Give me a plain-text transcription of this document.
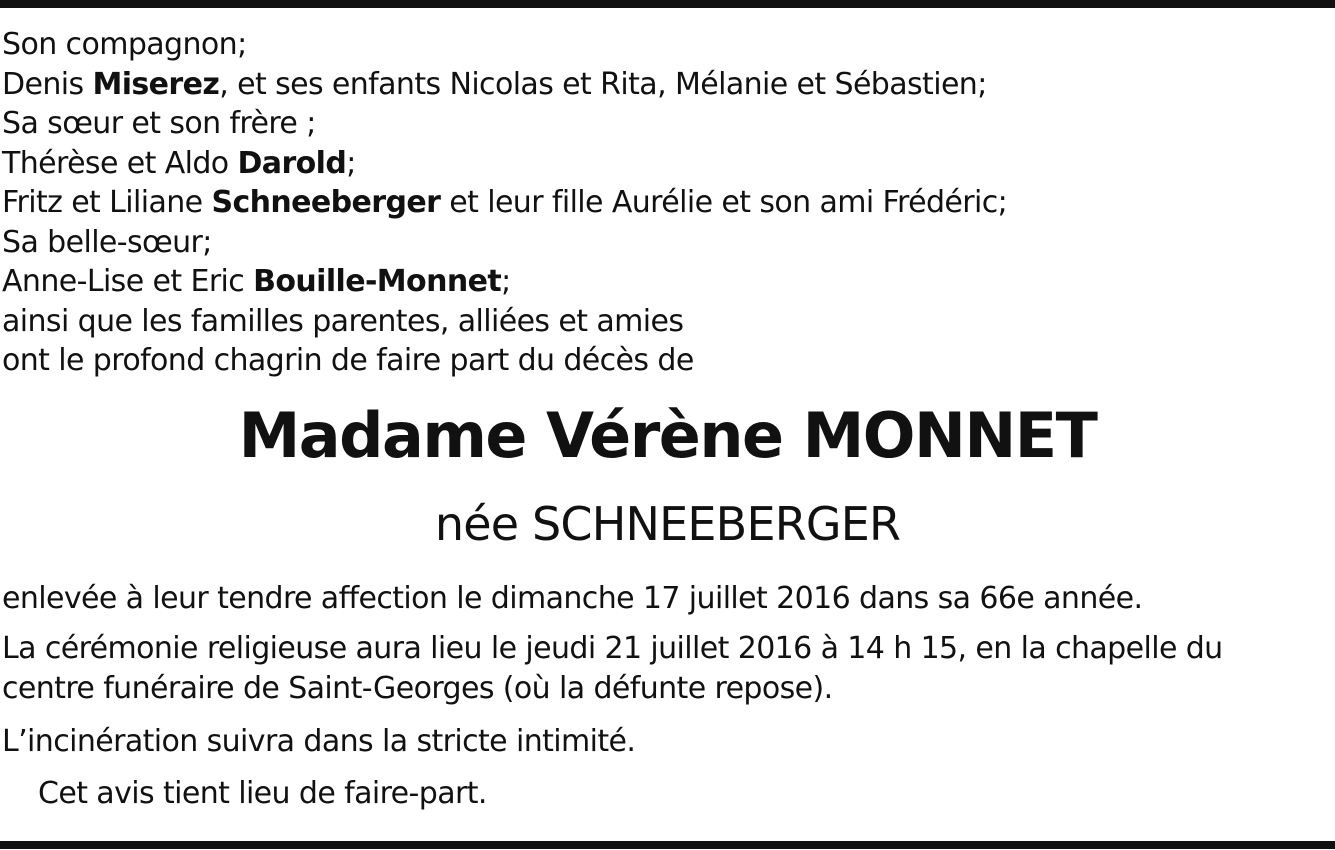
Son compagnon;
Denis Miserez, et ses enfants Nicolas et Rita, Mélanie et Sébastien;
Sa sœur et son frère ;
Thérèse et Aldo Darold;
Fritz et Liliane Schneeberger et leur fille Aurélie et son ami Frédéric;
Sa belle-sœur;
Anne-Lise et Eric Bouille-Monnet;
ainsi que les familles parentes, alliées et amies
ont le profond chagrin de faire part du décès de
Madame Vérène MONNET
née SCHNEEBERGER
enlevée à leur tendre affection le dimanche 17 juillet 2016 dans sa 66e année.
La cérémonie religieuse aura lieu le jeudi 21 juillet 2016 à 14 h 15, en la chapelle du
centre funéraire de Saint-Georges (où la défunte repose).
L’incinération suivra dans la stricte intimité.
Cet avis tient lieu de faire-part.
